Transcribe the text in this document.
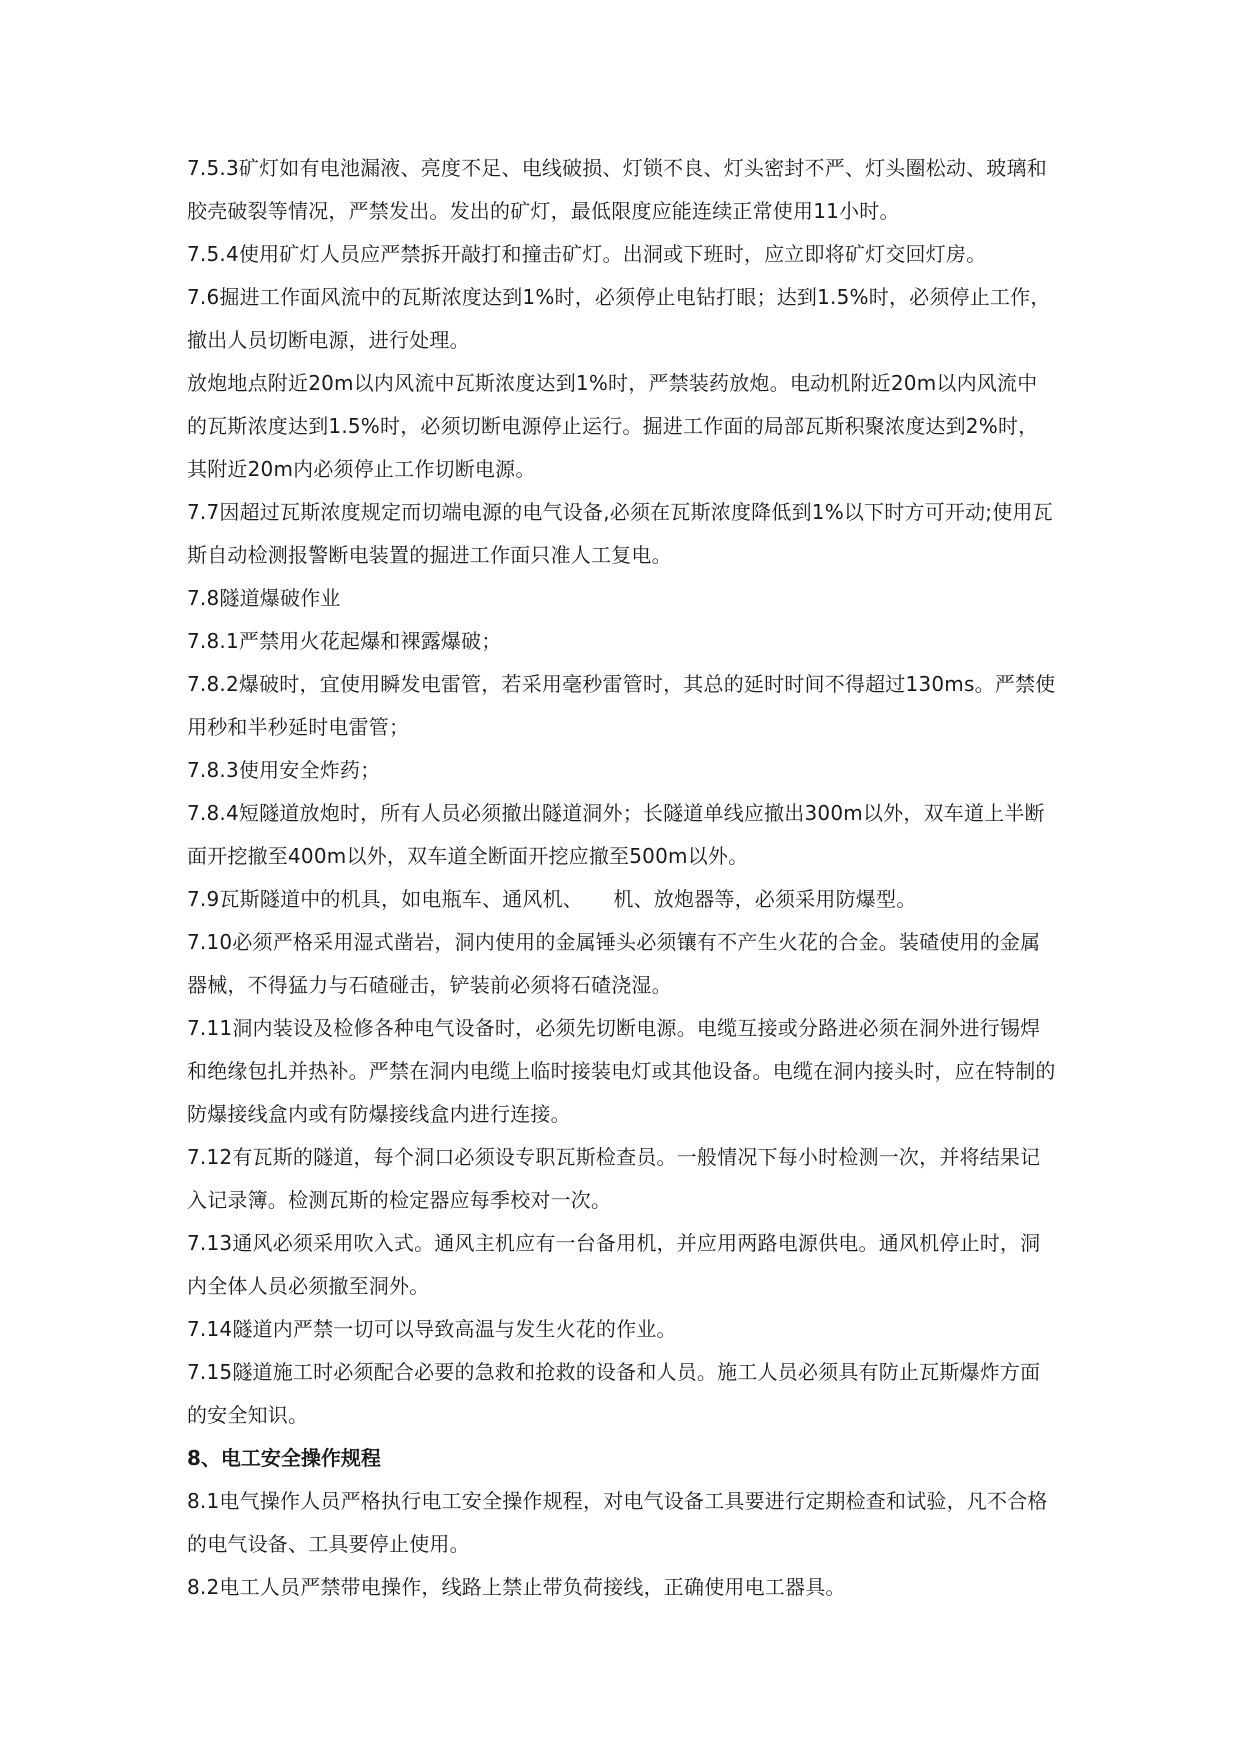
7.5.3矿灯如有电池漏液、亮度不足、电线破损、灯锁不良、灯头密封不严、灯头圈松动、玻璃和胶壳破裂等情况，严禁发出。发出的矿灯，最低限度应能连续正常使用11小时。

7.5.4使用矿灯人员应严禁拆开敲打和撞击矿灯。出洞或下班时，应立即将矿灯交回灯房。

7.6掘进工作面风流中的瓦斯浓度达到1%时，必须停止电钻打眼；达到1.5%时，必须停止工作，撤出人员切断电源，进行处理。

放炮地点附近20m以内风流中瓦斯浓度达到1%时，严禁装药放炮。电动机附近20m以内风流中的瓦斯浓度达到1.5%时，必须切断电源停止运行。掘进工作面的局部瓦斯积聚浓度达到2%时，其附近20m内必须停止工作切断电源。

7.7因超过瓦斯浓度规定而切端电源的电气设备,必须在瓦斯浓度降低到1%以下时方可开动;使用瓦斯自动检测报警断电装置的掘进工作面只准人工复电。

7.8隧道爆破作业

7.8.1严禁用火花起爆和裸露爆破；

7.8.2爆破时，宜使用瞬发电雷管，若采用毫秒雷管时，其总的延时时间不得超过130ms。严禁使用秒和半秒延时电雷管；

7.8.3使用安全炸药；

7.8.4短隧道放炮时，所有人员必须撤出隧道洞外；长隧道单线应撤出300m以外，双车道上半断面开挖撤至400m以外，双车道全断面开挖应撤至500m以外。

7.9瓦斯隧道中的机具，如电瓶车、通风机、　　机、放炮器等，必须采用防爆型。

7.10必须严格采用湿式凿岩，洞内使用的金属锤头必须镶有不产生火花的合金。装碴使用的金属器械，不得猛力与石碴碰击，铲装前必须将石碴浇湿。

7.11洞内装设及检修各种电气设备时，必须先切断电源。电缆互接或分路进必须在洞外进行锡焊和绝缘包扎并热补。严禁在洞内电缆上临时接装电灯或其他设备。电缆在洞内接头时，应在特制的防爆接线盒内或有防爆接线盒内进行连接。

7.12有瓦斯的隧道，每个洞口必须设专职瓦斯检查员。一般情况下每小时检测一次，并将结果记入记录簿。检测瓦斯的检定器应每季校对一次。

7.13通风必须采用吹入式。通风主机应有一台备用机，并应用两路电源供电。通风机停止时，洞内全体人员必须撤至洞外。

7.14隧道内严禁一切可以导致高温与发生火花的作业。

7.15隧道施工时必须配合必要的急救和抢救的设备和人员。施工人员必须具有防止瓦斯爆炸方面的安全知识。

8、电工安全操作规程

8.1电气操作人员严格执行电工安全操作规程，对电气设备工具要进行定期检查和试验，凡不合格的电气设备、工具要停止使用。

8.2电工人员严禁带电操作，线路上禁止带负荷接线，正确使用电工器具。
